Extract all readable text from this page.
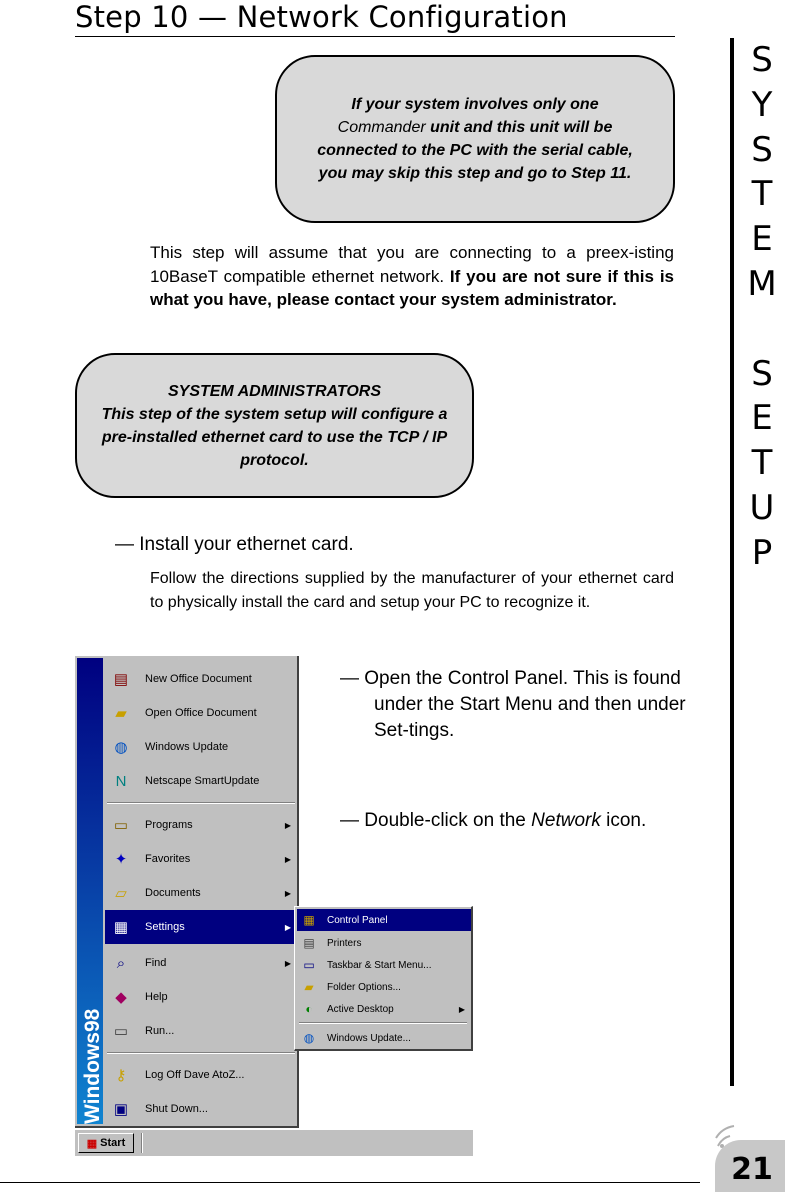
Step 10 — Network Configuration
S
Y
S
T
E
M

S
E
T
U
P
If your system involves only one Commander unit and this unit will be connected to the PC with the serial cable, you may skip this step and go to Step 11.
This step will assume that you are connecting to a preex-isting 10BaseT compatible ethernet network. If you are not sure if this is what you have, please contact your system administrator.
SYSTEM ADMINISTRATORS
This step of the system setup will configure a pre-installed ethernet card to use the TCP / IP protocol.
— Install your ethernet card.
Follow the directions supplied by the manufacturer of your ethernet card to physically install the card and setup your PC to recognize it.
— Open the Control Panel. This is found under the Start Menu and then under Set-tings.
— Double-click on the Network icon.
Windows98
▤	New Office Document
▰	Open Office Document
◍	Windows Update
N	Netscape SmartUpdate
▭	Programs	▶
✦	Favorites	▶
▱	Documents	▶
▦	Settings	▶
⌕	Find	▶
◆	Help
▭	Run...
⚷	Log Off Dave AtoZ...
▣	Shut Down...
▦	Control Panel
▤	Printers
▭	Taskbar & Start Menu...
▰	Folder Options...
◐	Active Desktop	▶
◍	Windows Update...
▦ Start
21
